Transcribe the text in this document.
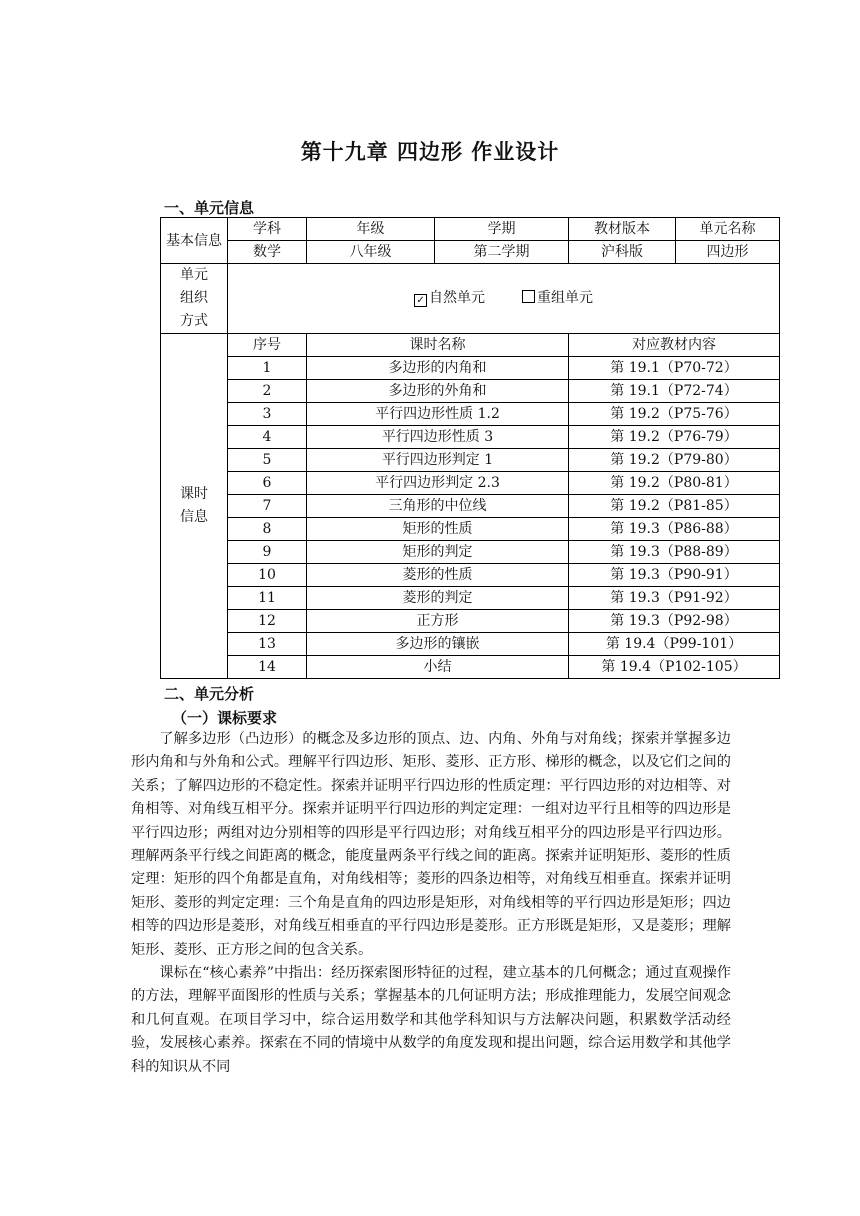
第十九章 四边形 作业设计
一、单元信息
基本信息	学科	年级	学期	教材版本	单元名称
	数学	八年级	第二学期	沪科版	四边形
单元组织方式	✓ 自然单元 重组单元				
课时信息	序号	课时名称		对应教材内容	
	1	多边形的内角和		第 19.1（P70-72）	
	2	多边形的外角和		第 19.1（P72-74）	
	3	平行四边形性质 1.2		第 19.2（P75-76）	
	4	平行四边形性质 3		第 19.2（P76-79）	
	5	平行四边形判定 1		第 19.2（P79-80）	
	6	平行四边形判定 2.3		第 19.2（P80-81）	
	7	三角形的中位线		第 19.2（P81-85）	
	8	矩形的性质		第 19.3（P86-88）	
	9	矩形的判定		第 19.3（P88-89）	
	10	菱形的性质		第 19.3（P90-91）	
	11	菱形的判定		第 19.3（P91-92）	
	12	正方形		第 19.3（P92-98）	
	13	多边形的镶嵌		第 19.4（P99-101）	
	14	小结		第 19.4（P102-105）	
二、单元分析
（一）课标要求

了解多边形（凸边形）的概念及多边形的顶点、边、内角、外角与对角线；探索并掌握多边形内角和与外角和公式。理解平行四边形、矩形、菱形、正方形、梯形的概念，以及它们之间的关系；了解四边形的不稳定性。探索并证明平行四边形的性质定理：平行四边形的对边相等、对角相等、对角线互相平分。探索并证明平行四边形的判定定理：一组对边平行且相等的四边形是平行四边形；两组对边分别相等的四形是平行四边形；对角线互相平分的四边形是平行四边形。理解两条平行线之间距离的概念，能度量两条平行线之间的距离。探索并证明矩形、菱形的性质定理：矩形的四个角都是直角，对角线相等；菱形的四条边相等，对角线互相垂直。探索并证明矩形、菱形的判定定理：三个角是直角的四边形是矩形，对角线相等的平行四边形是矩形；四边相等的四边形是菱形，对角线互相垂直的平行四边形是菱形。正方形既是矩形，又是菱形；理解矩形、菱形、正方形之间的包含关系。

课标在“核心素养”中指出：经历探索图形特征的过程，建立基本的几何概念；通过直观操作的方法，理解平面图形的性质与关系；掌握基本的几何证明方法；形成推理能力，发展空间观念和几何直观。在项目学习中，综合运用数学和其他学科知识与方法解决问题，积累数学活动经验，发展核心素养。探索在不同的情境中从数学的角度发现和提出问题，综合运用数学和其他学科的知识从不同
